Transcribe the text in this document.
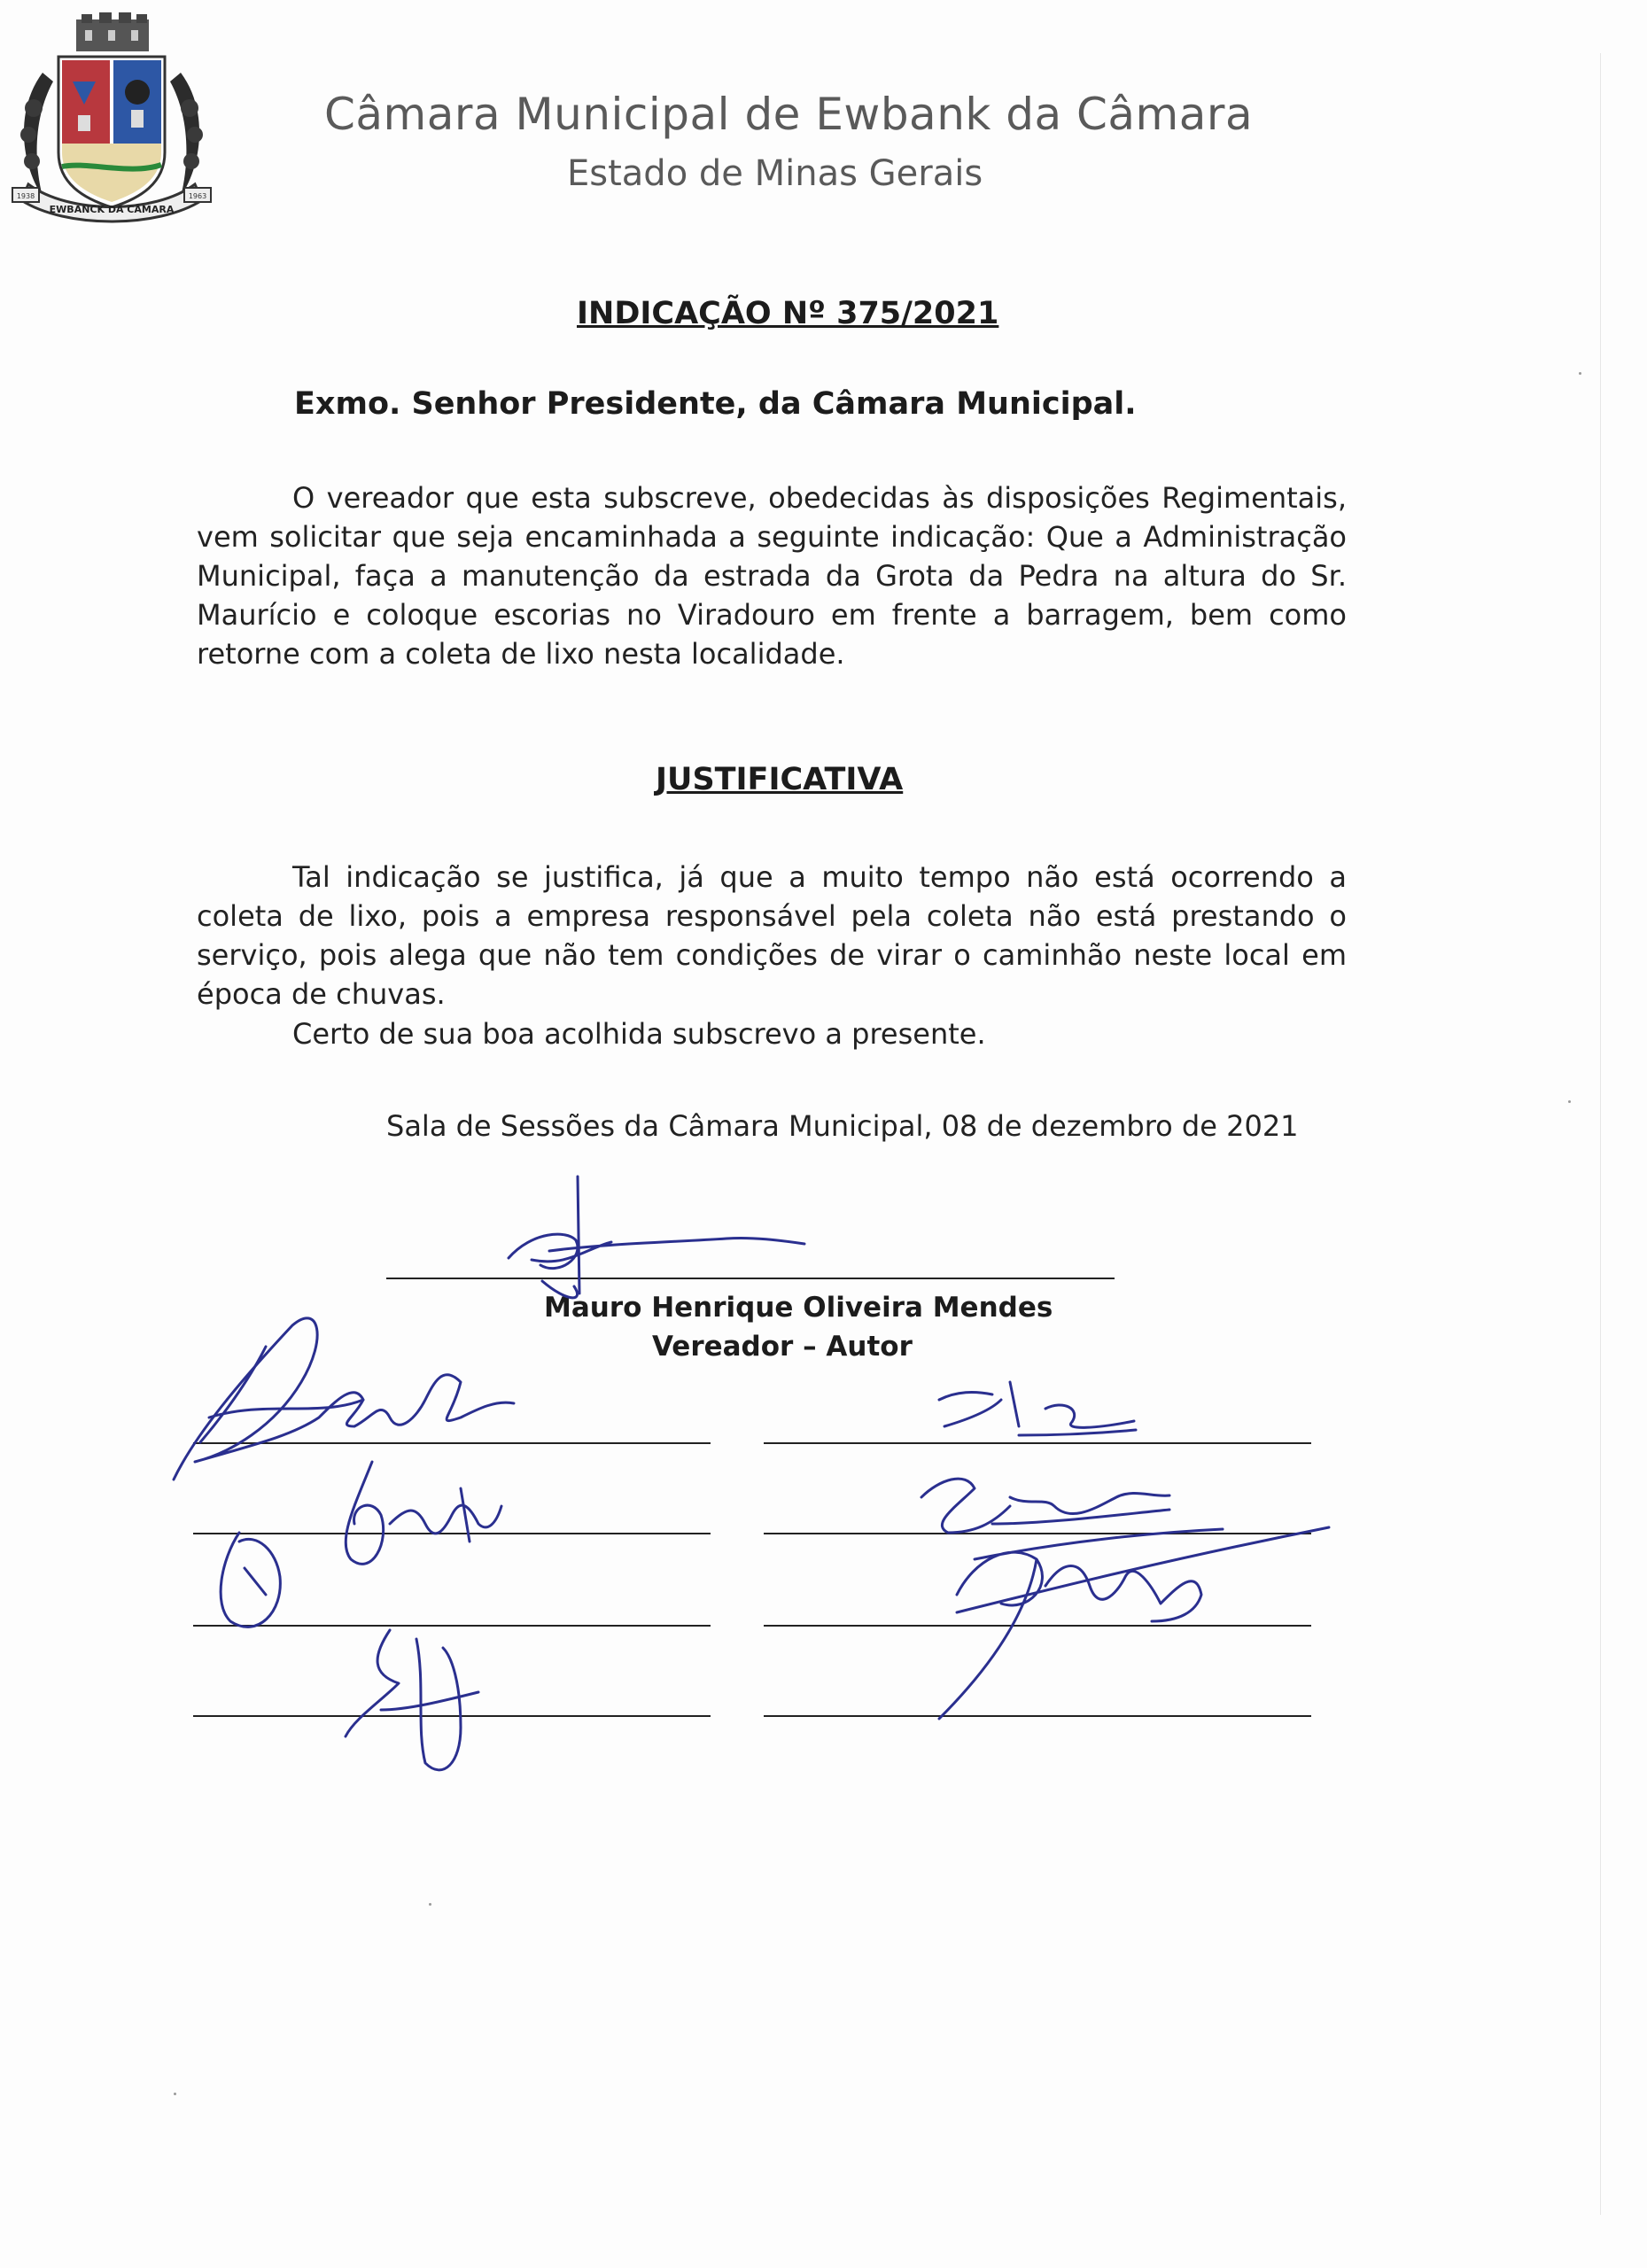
1938	1963
EWBANCK DA CÂMARA
Câmara Municipal de Ewbank da Câmara
Estado de Minas Gerais
INDICAÇÃO Nº 375/2021
Exmo. Senhor Presidente, da Câmara Municipal.
O vereador que esta subscreve, obedecidas às disposições Regimentais, vem solicitar que seja encaminhada a seguinte indicação: Que a Administração Municipal, faça a manutenção da estrada da Grota da Pedra na altura do Sr. Maurício e coloque escorias no Viradouro em frente a barragem, bem como retorne com a coleta de lixo nesta localidade.
JUSTIFICATIVA
Tal indicação se justifica, já que a muito tempo não está ocorrendo a coleta de lixo, pois a empresa responsável pela coleta não está prestando o serviço, pois alega que não tem condições de virar o caminhão neste local em época de chuvas.
Certo de sua boa acolhida subscrevo a presente.
Sala de Sessões da Câmara Municipal, 08 de dezembro de 2021
Mauro Henrique Oliveira Mendes
Vereador – Autor
